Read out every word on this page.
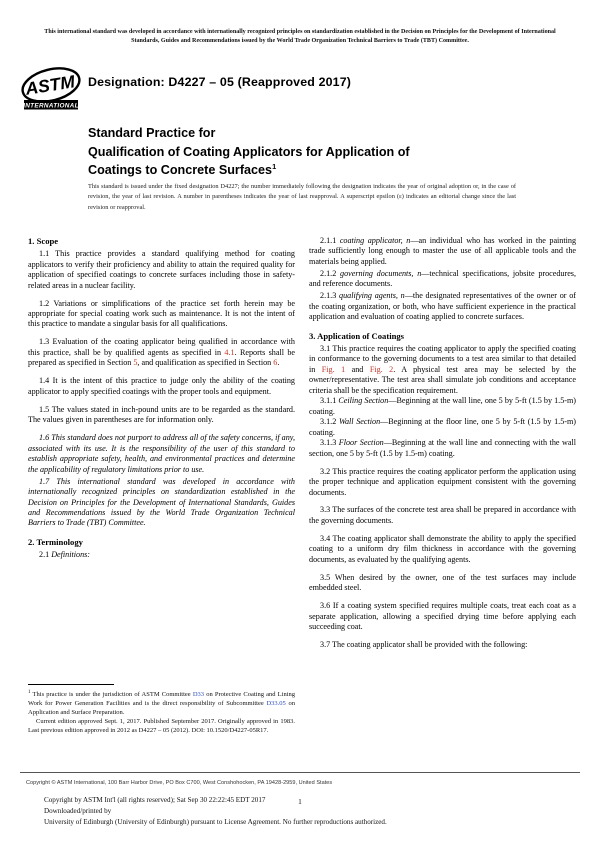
This international standard was developed in accordance with internationally recognized principles on standardization established in the Decision on Principles for the Development of International Standards, Guides and Recommendations issued by the World Trade Organization Technical Barriers to Trade (TBT) Committee.
ASTM
INTERNATIONAL
Designation: D4227 – 05 (Reapproved 2017)
Standard Practice for
Qualification of Coating Applicators for Application of
Coatings to Concrete Surfaces$^1$
This standard is issued under the fixed designation D4227; the number immediately following the designation indicates the year of original adoption or, in the case of revision, the year of last revision. A number in parentheses indicates the year of last reapproval. A superscript epsilon (ε) indicates an editorial change since the last revision or reapproval.
1. Scope

1.1 This practice provides a standard qualifying method for coating applicators to verify their proficiency and ability to attain the required quality for application of specified coatings to concrete surfaces including those in safety-related areas in a nuclear facility.

1.2 Variations or simplifications of the practice set forth herein may be appropriate for special coating work such as maintenance. It is not the intent of this practice to mandate a singular basis for all qualifications.

1.3 Evaluation of the coating applicator being qualified in accordance with this practice, shall be by qualified agents as specified in 4.1. Reports shall be prepared as specified in Section 5, and qualification as specified in Section 6.

1.4 It is the intent of this practice to judge only the ability of the coating applicator to apply specified coatings with the proper tools and equipment.

1.5 The values stated in inch-pound units are to be regarded as the standard. The values given in parentheses are for information only.

1.6 This standard does not purport to address all of the safety concerns, if any, associated with its use. It is the responsibility of the user of this standard to establish appropriate safety, health, and environmental practices and determine the applicability of regulatory limitations prior to use.

1.7 This international standard was developed in accordance with internationally recognized principles on standardization established in the Decision on Principles for the Development of International Standards, Guides and Recommendations issued by the World Trade Organization Technical Barriers to Trade (TBT) Committee.

2. Terminology

2.1 Definitions:

$^1$ This practice is under the jurisdiction of ASTM Committee D33 on Protective Coating and Lining Work for Power Generation Facilities and is the direct responsibility of Subcommittee D33.05 on Application and Surface Preparation.

Current edition approved Sept. 1, 2017. Published September 2017. Originally approved in 1983. Last previous edition approved in 2012 as D4227 – 05 (2012). DOI: 10.1520/D4227-05R17.

2.1.1 coating applicator, n—an individual who has worked in the painting trade sufficiently long enough to master the use of all applicable tools and the materials being applied.

2.1.2 governing documents, n—technical specifications, jobsite procedures, and reference documents.

2.1.3 qualifying agents, n—the designated representatives of the owner or of the coating organization, or both, who have sufficient experience in the practical application and evaluation of coating applied to concrete surfaces.

3. Application of Coatings

3.1 This practice requires the coating applicator to apply the specified coating in conformance to the governing documents to a test area similar to that detailed in Fig. 1 and Fig. 2. A physical test area may be selected by the owner/representative. The test area shall simulate job conditions and acceptance criteria shall be the specification requirement.

3.1.1 Ceiling Section—Beginning at the wall line, one 5 by 5-ft (1.5 by 1.5-m) coating.

3.1.2 Wall Section—Beginning at the floor line, one 5 by 5-ft (1.5 by 1.5-m) coating.

3.1.3 Floor Section—Beginning at the wall line and connecting with the wall section, one 5 by 5-ft (1.5 by 1.5-m) coating.

3.2 This practice requires the coating applicator perform the application using the proper technique and application equipment consistent with the governing documents.

3.3 The surfaces of the concrete test area shall be prepared in accordance with the governing documents.

3.4 The coating applicator shall demonstrate the ability to apply the specified coating to a uniform dry film thickness in accordance with the governing documents, as evaluated by the qualifying agents.

3.5 When desired by the owner, one of the test surfaces may include embedded steel.

3.6 If a coating system specified requires multiple coats, treat each coat as a separate application, allowing a specified drying time before applying each succeeding coat.

3.7 The coating applicator shall be provided with the following:

Copyright © ASTM International, 100 Barr Harbor Drive, PO Box C700, West Conshohocken, PA 19428-2959, United States
Copyright by ASTM Int'l (all rights reserved); Sat Sep 30 22:22:45 EDT 2017
Downloaded/printed by
University of Edinburgh (University of Edinburgh) pursuant to License Agreement. No further reproductions authorized.
1
